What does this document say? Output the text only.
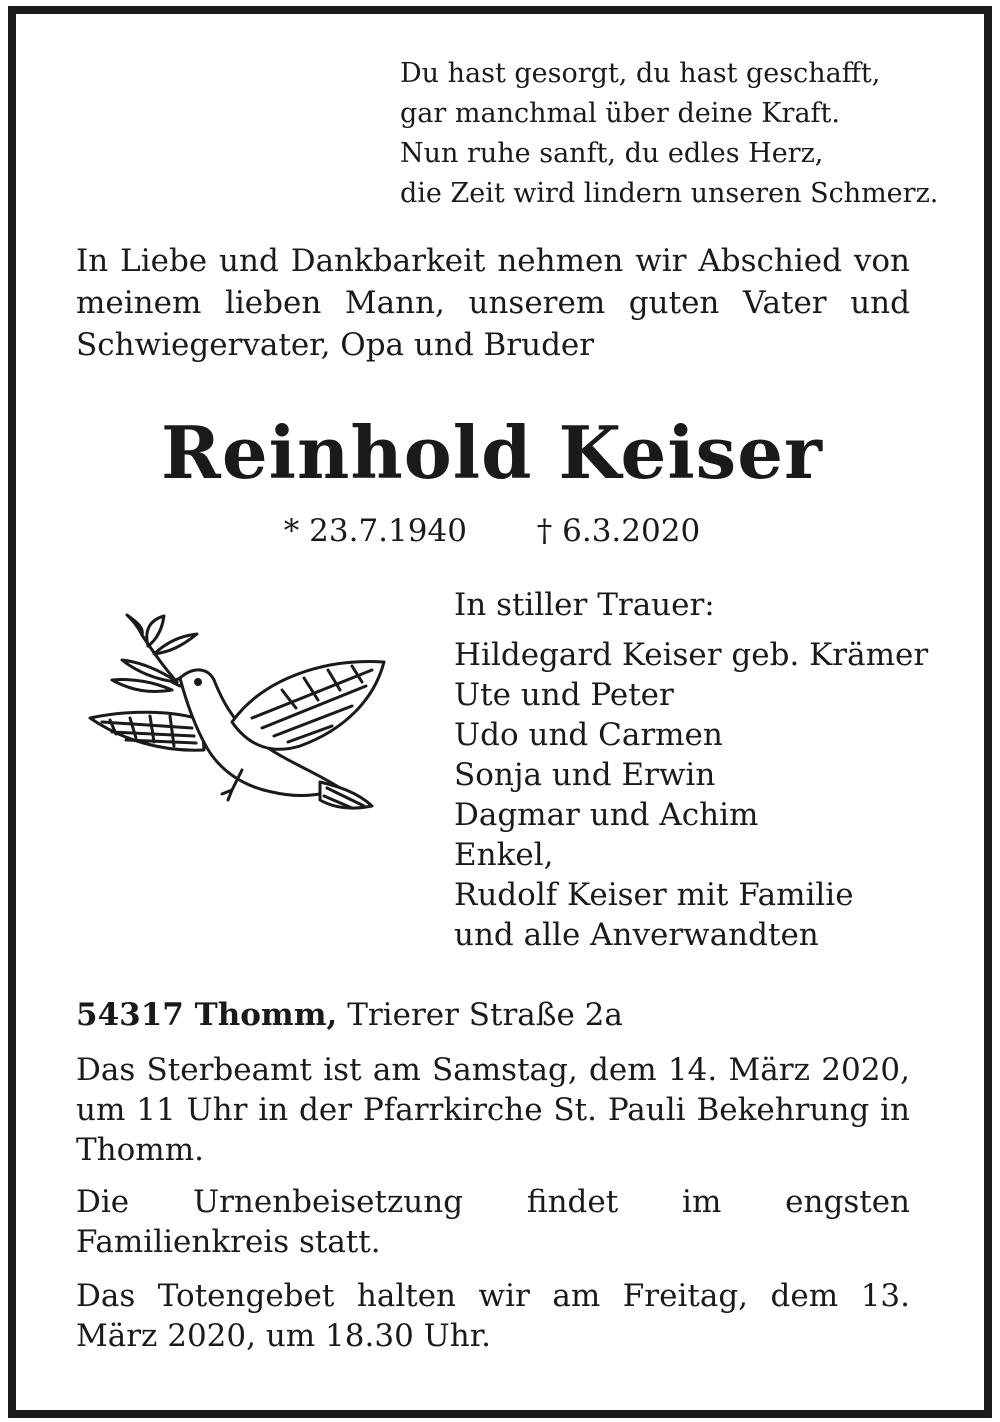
Du hast gesorgt, du hast geschafft,
gar manchmal über deine Kraft.
Nun ruhe sanft, du edles Herz,
die Zeit wird lindern unseren Schmerz.
In Liebe und Dankbarkeit nehmen wir Abschied von meinem lieben Mann, unserem guten Vater und Schwiegervater, Opa und Bruder
Reinhold Keiser
* 23.7.1940 † 6.3.2020
In stiller Trauer:
Hildegard Keiser geb. Krämer
Ute und Peter
Udo und Carmen
Sonja und Erwin
Dagmar und Achim
Enkel,
Rudolf Keiser mit Familie
und alle Anverwandten
54317 Thomm, Trierer Straße 2a
Das Sterbeamt ist am Samstag, dem 14. März 2020, um 11 Uhr in der Pfarrkirche St. Pauli Bekehrung in Thomm.
Die Urnenbeisetzung findet im engsten Familienkreis statt.
Das Totengebet halten wir am Freitag, dem 13. März 2020, um 18.30 Uhr.
